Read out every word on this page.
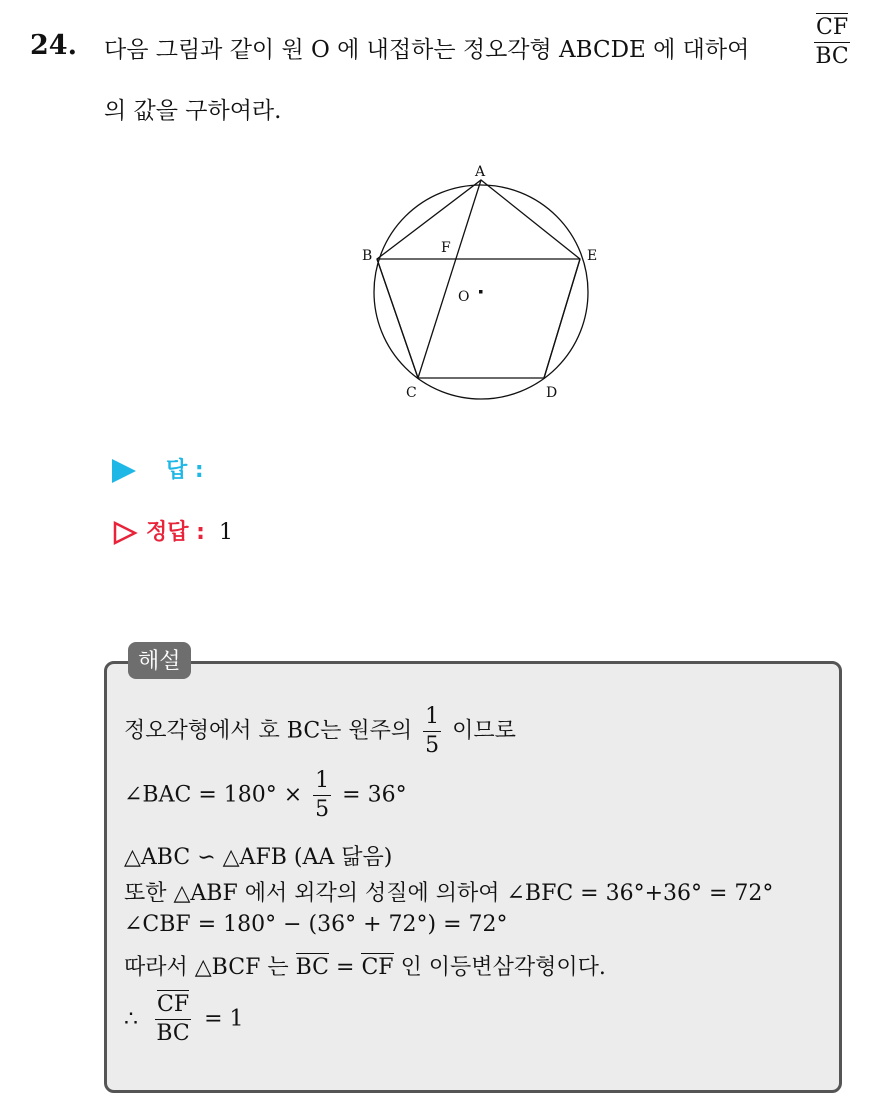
24. 다음 그림과 같이 원 O 에 내접하는 정오각형 ABCDE 에 대하여	$\frac{CF}{BC}$
의 값을 구하여라.
A
B
C	D
E
F
O
답 :
정답 : 1
해설
정오각형에서 호 BC는 원주의 $\frac{1}{5}$ 이므로
∠BAC = $180^\circ \times \frac{1}{5} = 36^\circ$
△ABC ∽ △AFB (AA 닮음)
또한 △ABF 에서 외각의 성질에 의하여 ∠BFC = 36°+36° = 72°
∠CBF = 180° − (36° + 72°) = 72°
따라서 △BCF 는 BC = CF 인 이등변삼각형이다.
∴ $\frac{CF}{BC} = 1$
